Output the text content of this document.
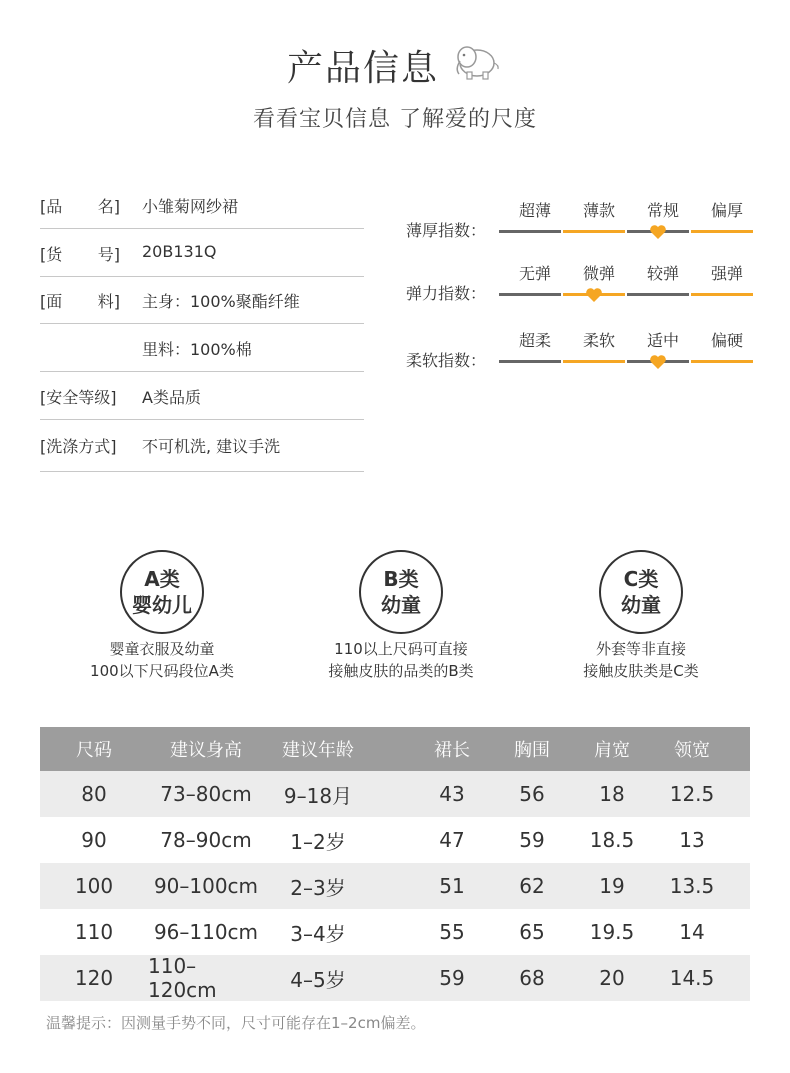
产品信息
看看宝贝信息 了解爱的尺度
[品 名] 小雏菊网纱裙
[货 号] 20B131Q
[面 料] 主身：100%聚酯纤维
里料：100%棉
[安全等级]	A类品质
[洗涤方式]	不可机洗, 建议手洗
薄厚指数：
超薄	薄款	常规	偏厚
弹力指数：
无弹	微弹	较弹	强弹
柔软指数：
超柔	柔软	适中	偏硬
A类
婴幼儿
婴童衣服及幼童
100以下尺码段位A类
B类
幼童
110以上尺码可直接
接触皮肤的品类的B类
C类
幼童
外套等非直接
接触皮肤类是C类
尺码	建议身高	建议年龄	裙长	胸围	肩宽	领宽
80	73–80cm	9–18月	43	56	18	12.5
90	78–90cm	1–2岁	47	59	18.5	13
100	90–100cm	2–3岁	51	62	19	13.5
110	96–110cm	3–4岁	55	65	19.5	14
120	110–120cm	4–5岁	59	68	20	14.5
温馨提示：因测量手势不同，尺寸可能存在1–2cm偏差。
